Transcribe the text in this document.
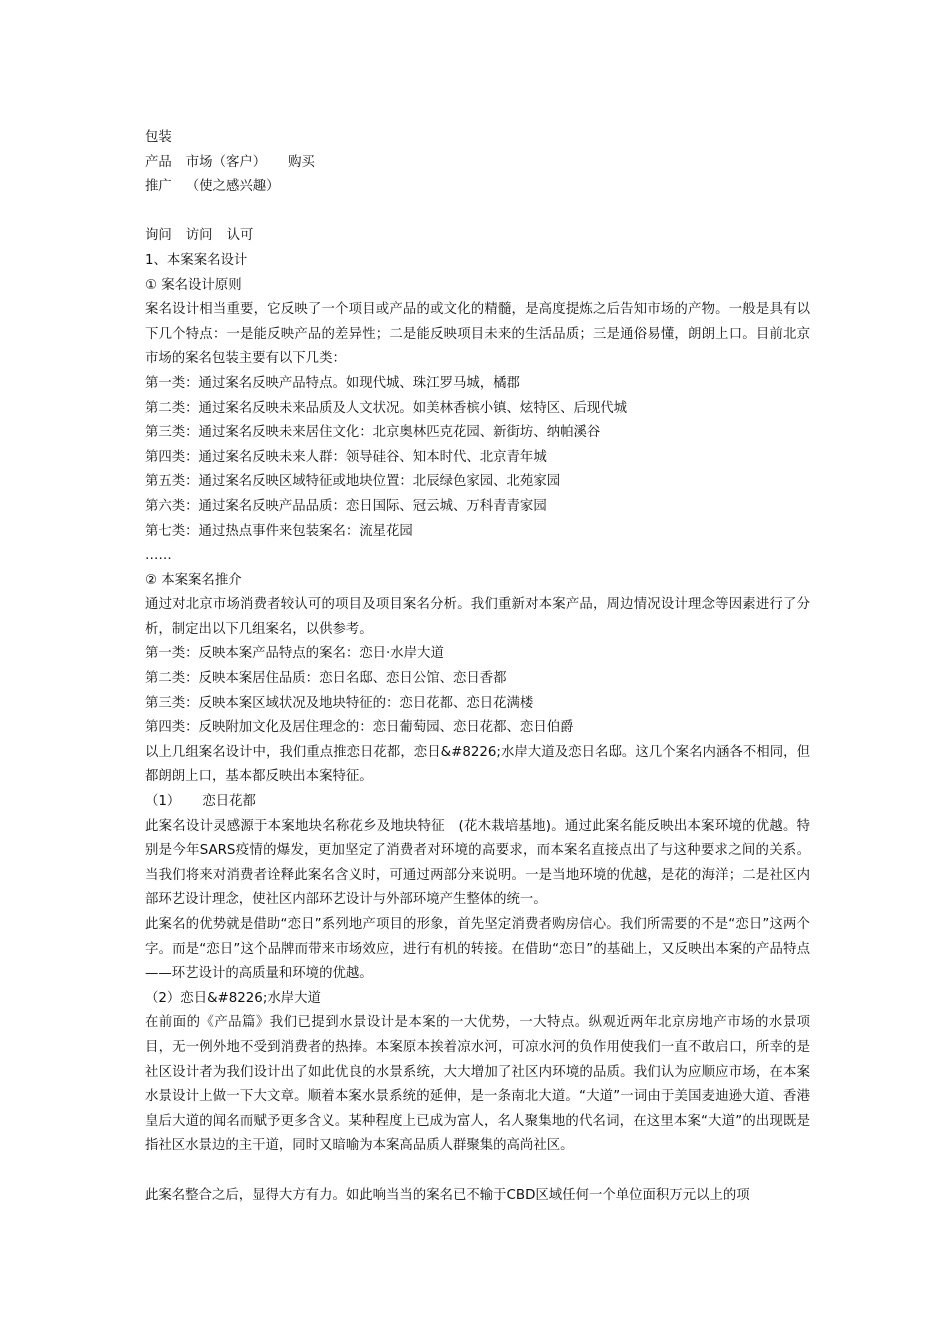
包装
产品 市场（客户） 购买
推广 （使之感兴趣）
询问 访问 认可
1、本案案名设计
① 案名设计原则

案名设计相当重要，它反映了一个项目或产品的或文化的精髓，是高度提炼之后告知市场的产物。一般是具有以下几个特点：一是能反映产品的差异性；二是能反映项目未来的生活品质；三是通俗易懂，朗朗上口。目前北京市场的案名包装主要有以下几类：

第一类：通过案名反映产品特点。如现代城、珠江罗马城，橘郡
第二类：通过案名反映未来品质及人文状况。如美林香槟小镇、炫特区、后现代城
第三类：通过案名反映未来居住文化：北京奥林匹克花园、新街坊、纳帕溪谷
第四类：通过案名反映未来人群：领导硅谷、知本时代、北京青年城
第五类：通过案名反映区域特征或地块位置：北辰绿色家园、北苑家园
第六类：通过案名反映产品品质：恋日国际、冠云城、万科青青家园
第七类：通过热点事件来包装案名：流星花园
……
② 本案案名推介

通过对北京市场消费者较认可的项目及项目案名分析。我们重新对本案产品，周边情况设计理念等因素进行了分析，制定出以下几组案名，以供参考。

第一类：反映本案产品特点的案名：恋日·水岸大道
第二类：反映本案居住品质：恋日名邸、恋日公馆、恋日香都
第三类：反映本案区域状况及地块特征的：恋日花都、恋日花满楼
第四类：反映附加文化及居住理念的：恋日葡萄园、恋日花都、恋日伯爵

以上几组案名设计中，我们重点推恋日花都，恋日&#8226;水岸大道及恋日名邸。这几个案名内涵各不相同，但都朗朗上口，基本都反映出本案特征。

（1） 恋日花都

此案名设计灵感源于本案地块名称花乡及地块特征　(花木栽培基地)。通过此案名能反映出本案环境的优越。特别是今年SARS疫情的爆发，更加坚定了消费者对环境的高要求，而本案名直接点出了与这种要求之间的关系。当我们将来对消费者诠释此案名含义时，可通过两部分来说明。一是当地环境的优越，是花的海洋；二是社区内部环艺设计理念，使社区内部环艺设计与外部环境产生整体的统一。

此案名的优势就是借助“恋日”系列地产项目的形象，首先坚定消费者购房信心。我们所需要的不是“恋日”这两个字。而是“恋日”这个品牌而带来市场效应，进行有机的转接。在借助“恋日”的基础上，又反映出本案的产品特点——环艺设计的高质量和环境的优越。

（2）恋日&#8226;水岸大道

在前面的《产品篇》我们已提到水景设计是本案的一大优势，一大特点。纵观近两年北京房地产市场的水景项目，无一例外地不受到消费者的热捧。本案原本挨着凉水河，可凉水河的负作用使我们一直不敢启口，所幸的是社区设计者为我们设计出了如此优良的水景系统，大大增加了社区内环境的品质。我们认为应顺应市场，在本案水景设计上做一下大文章。顺着本案水景系统的延伸，是一条南北大道。“大道”一词由于美国麦迪逊大道、香港皇后大道的闻名而赋予更多含义。某种程度上已成为富人，名人聚集地的代名词，在这里本案“大道”的出现既是指社区水景边的主干道，同时又暗喻为本案高品质人群聚集的高尚社区。

此案名整合之后，显得大方有力。如此响当当的案名已不输于CBD区域任何一个单位面积万元以上的项
